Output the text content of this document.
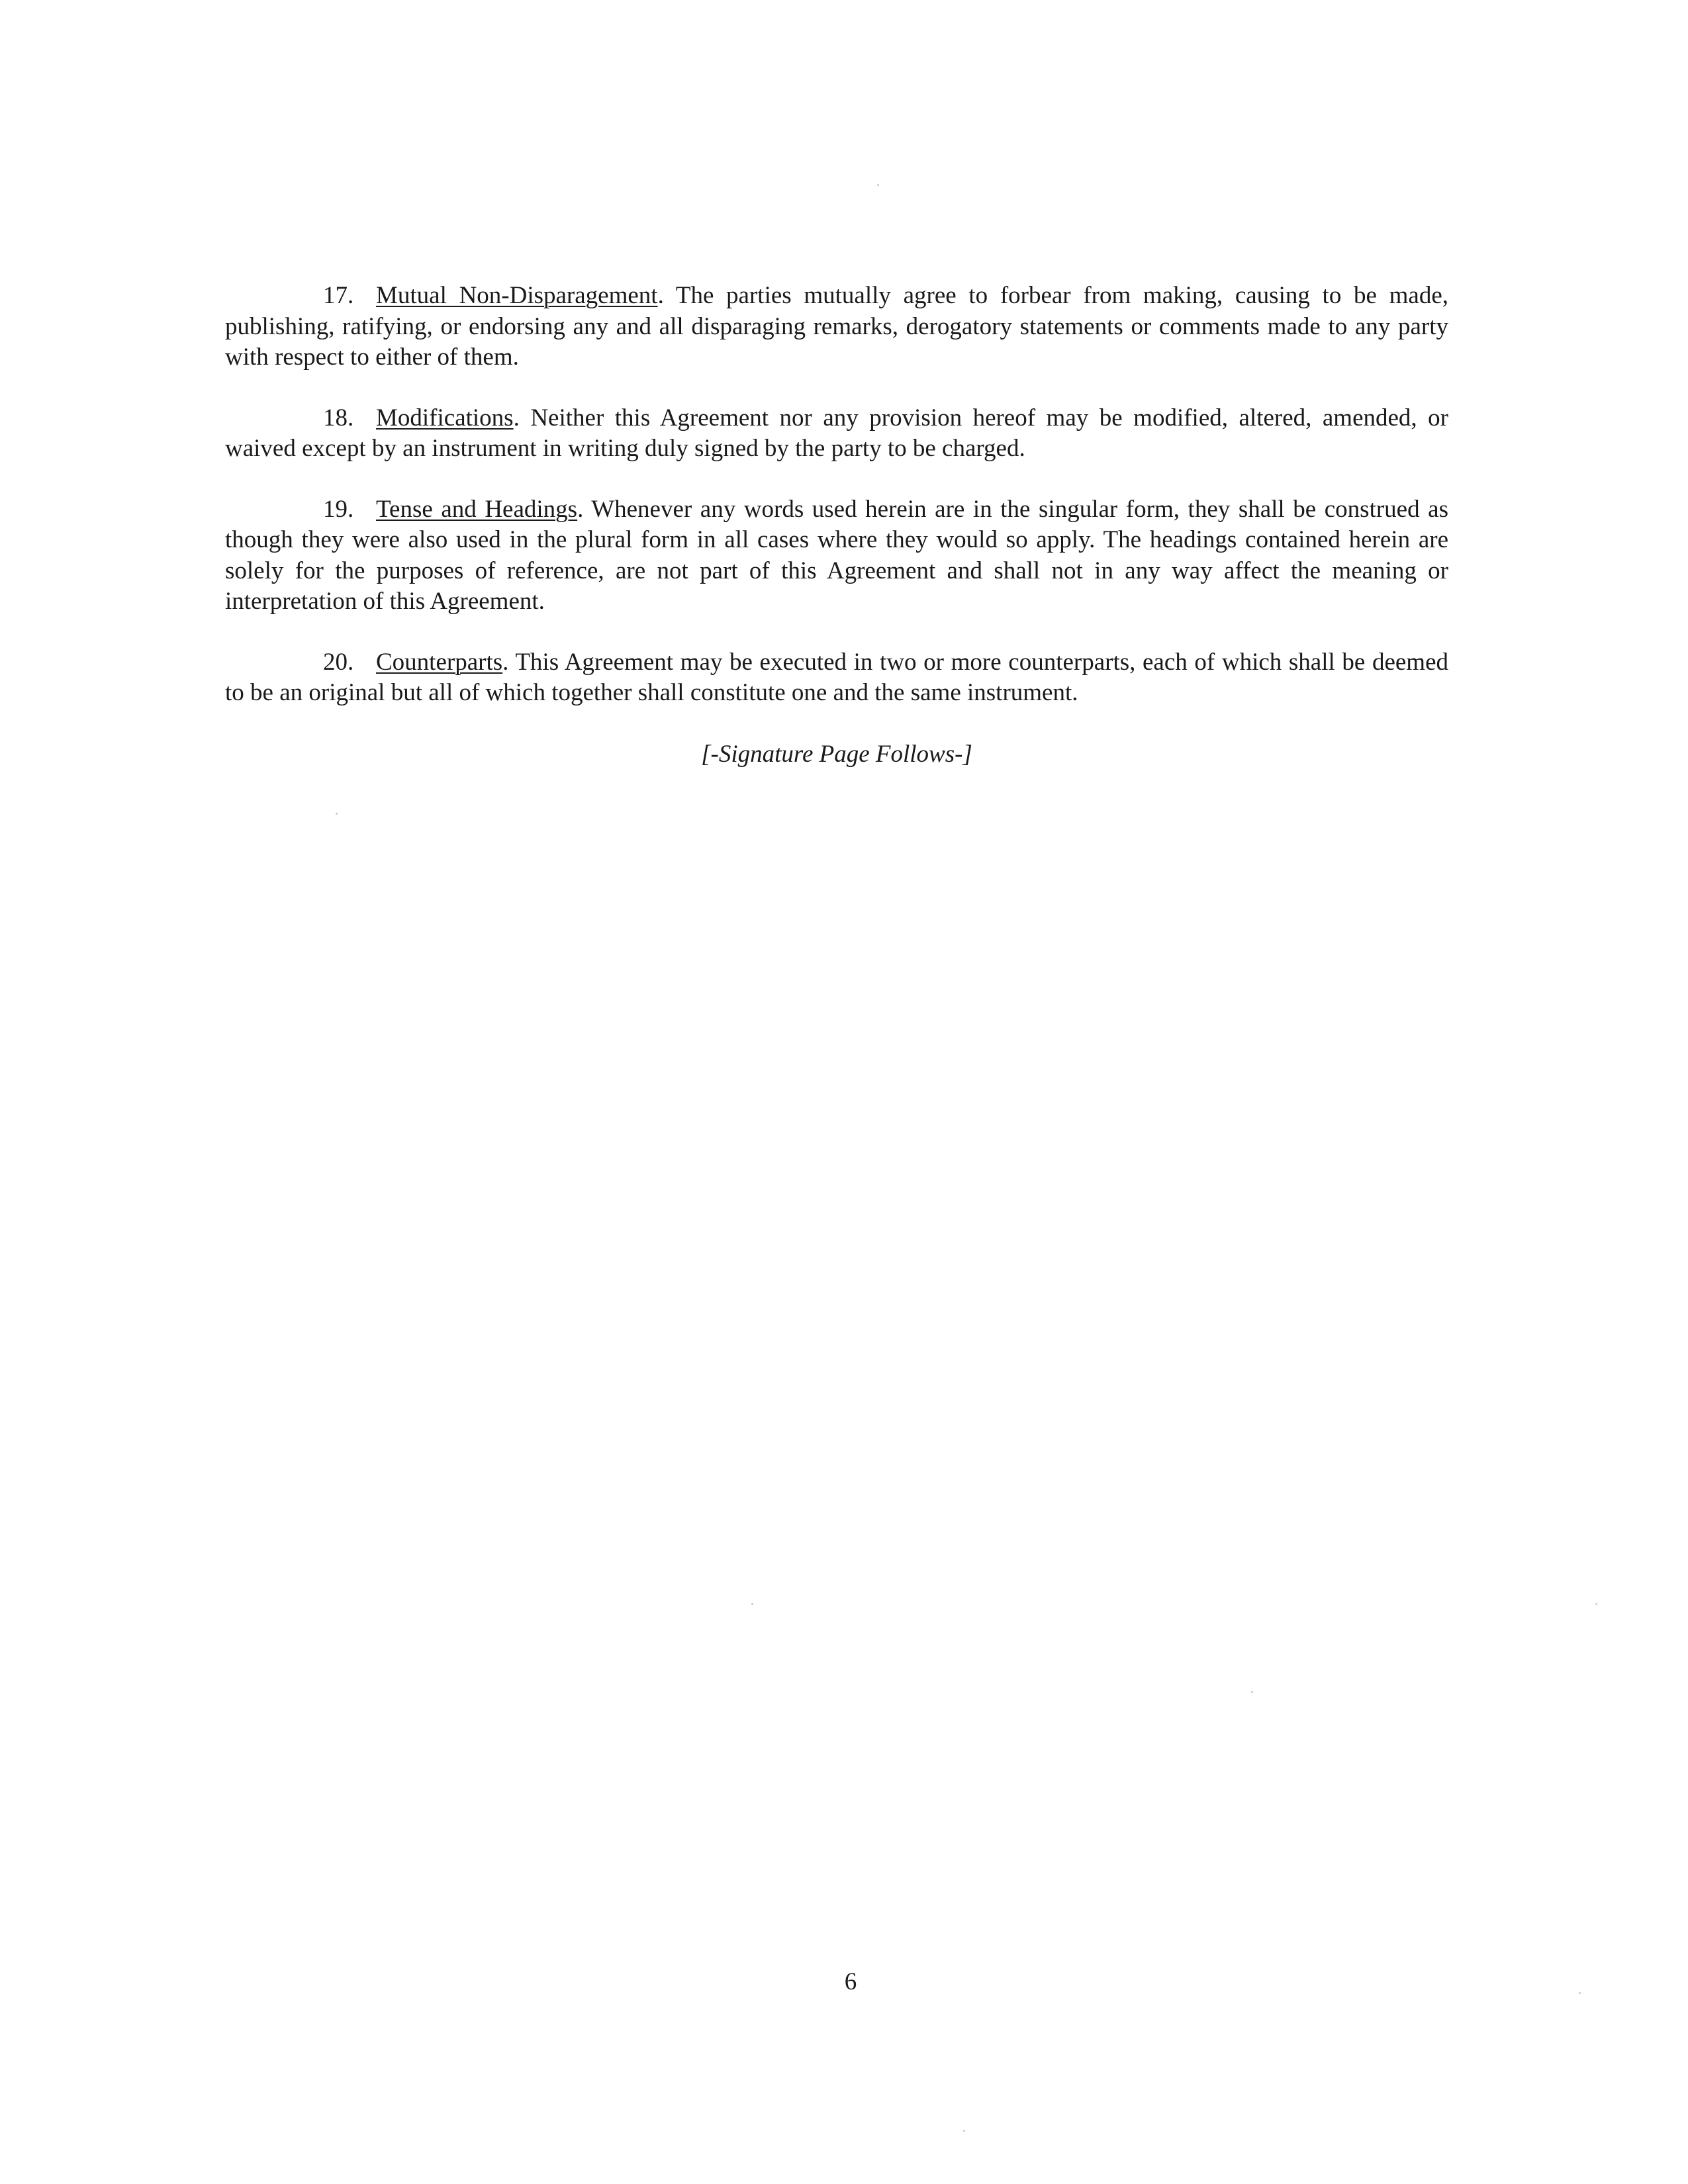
17. Mutual Non-Disparagement. The parties mutually agree to forbear from making, causing to be made, publishing, ratifying, or endorsing any and all disparaging remarks, derogatory statements or comments made to any party with respect to either of them.

18. Modifications. Neither this Agreement nor any provision hereof may be modified, altered, amended, or waived except by an instrument in writing duly signed by the party to be charged.

19. Tense and Headings. Whenever any words used herein are in the singular form, they shall be construed as though they were also used in the plural form in all cases where they would so apply. The headings contained herein are solely for the purposes of reference, are not part of this Agreement and shall not in any way affect the meaning or interpretation of this Agreement.

20. Counterparts. This Agreement may be executed in two or more counterparts, each of which shall be deemed to be an original but all of which together shall constitute one and the same instrument.

[-Signature Page Follows-]
6
